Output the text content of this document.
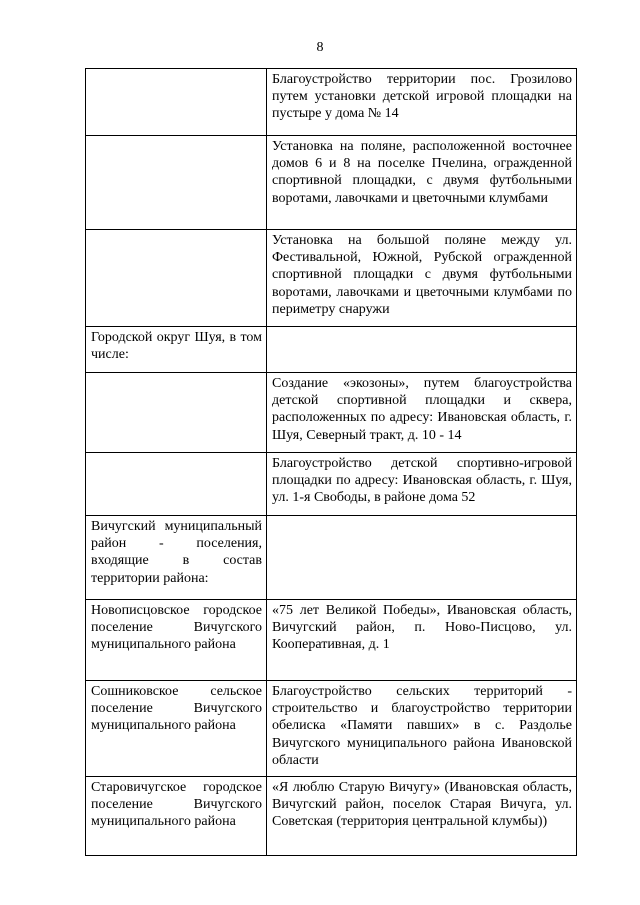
8

	Благоустройство территории пос. Грозилово путем установки детской игровой площадки на пустыре у дома № 14

	Установка на поляне, расположенной восточнее домов 6 и 8 на поселке Пчелина, огражденной спортивной площадки, с двумя футбольными воротами, лавочками и цветочными клумбами

	Установка на большой поляне между ул. Фестивальной, Южной, Рубской огражденной спортивной площадки с двумя футбольными воротами, лавочками и цветочными клумбами по периметру снаружи

Городской округ Шуя, в том числе:	

	Создание «экозоны», путем благоустройства детской спортивной площадки и сквера, расположенных по адресу: Ивановская область, г. Шуя, Северный тракт, д. 10 - 14

	Благоустройство детской спортивно-игровой площадки по адресу: Ивановская область, г. Шуя, ул. 1-я Свободы, в районе дома 52

Вичугский муниципальный район - поселения, входящие в состав территории района:	

Новописцовское городское поселение Вичугского муниципального района	«75 лет Великой Победы», Ивановская область, Вичугский район, п. Ново-Писцово, ул. Кооперативная, д. 1

Сошниковское сельское поселение Вичугского муниципального района	Благоустройство сельских территорий - строительство и благоустройство территории обелиска «Памяти павших» в с. Раздолье Вичугского муниципального района Ивановской области

Старовичугское городское поселение Вичугского муниципального района	«Я люблю Старую Вичугу» (Ивановская область, Вичугский район, поселок Старая Вичуга, ул. Советская (территория центральной клумбы))
